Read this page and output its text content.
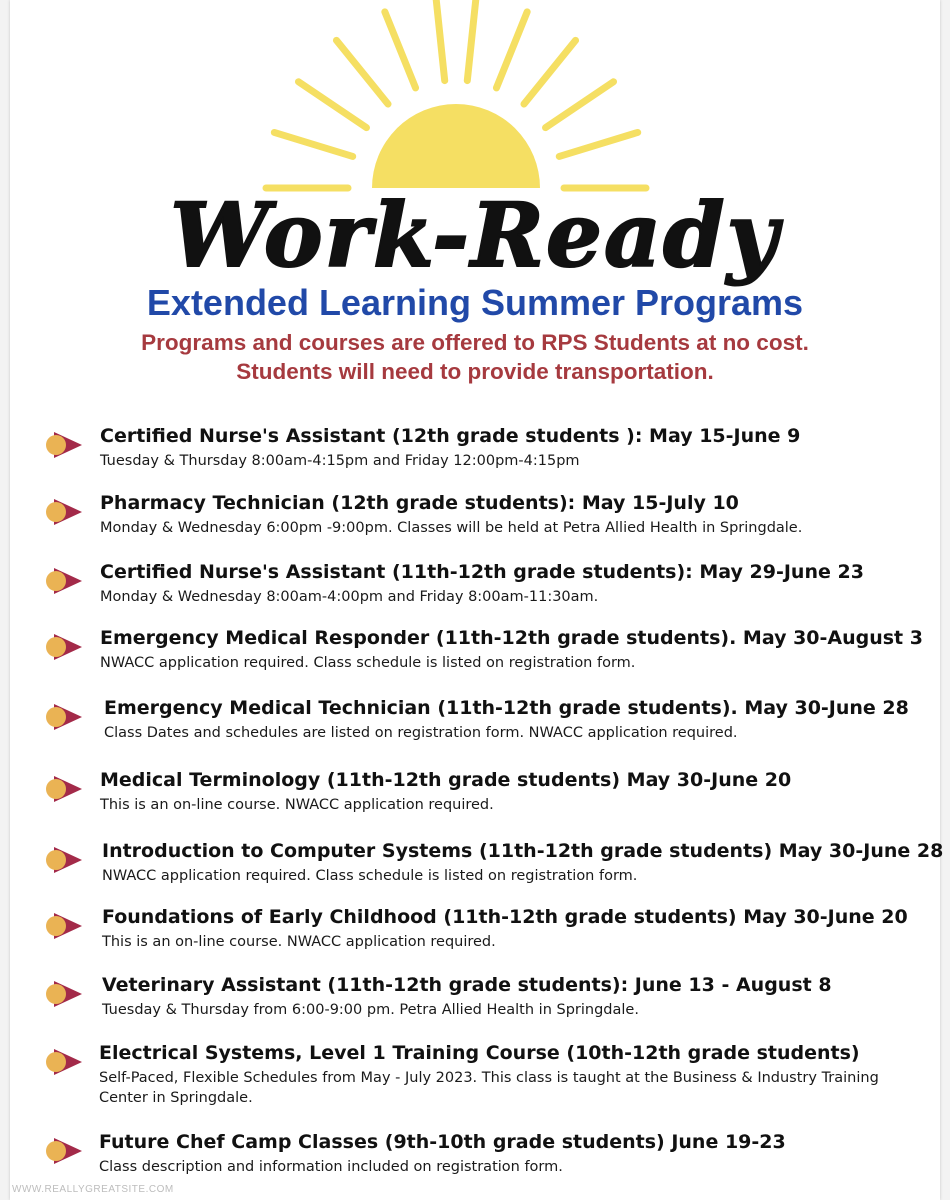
Work-Ready
Extended Learning Summer Programs
Programs and courses are offered to RPS Students at no cost.
Students will need to provide transportation.

Certified Nurse's Assistant (12th grade students ): May 15-June 9

Tuesday & Thursday 8:00am-4:15pm and Friday 12:00pm-4:15pm

Pharmacy Technician (12th grade students): May 15-July 10

Monday & Wednesday 6:00pm -9:00pm. Classes will be held at Petra Allied Health in Springdale.

Certified Nurse's Assistant (11th-12th grade students): May 29-June 23

Monday & Wednesday 8:00am-4:00pm and Friday 8:00am-11:30am.

Emergency Medical Responder (11th-12th grade students). May 30-August 3

NWACC application required. Class schedule is listed on registration form.

Emergency Medical Technician (11th-12th grade students). May 30-June 28

Class Dates and schedules are listed on registration form. NWACC application required.

Medical Terminology (11th-12th grade students) May 30-June 20

This is an on-line course. NWACC application required.

Introduction to Computer Systems (11th-12th grade students) May 30-June 28

NWACC application required. Class schedule is listed on registration form.

Foundations of Early Childhood (11th-12th grade students) May 30-June 20

This is an on-line course. NWACC application required.

Veterinary Assistant (11th-12th grade students): June 13 - August 8

Tuesday & Thursday from 6:00-9:00 pm. Petra Allied Health in Springdale.

Electrical Systems, Level 1 Training Course (10th-12th grade students)

Self-Paced, Flexible Schedules from May - July 2023. This class is taught at the Business & Industry Training Center in Springdale.

Future Chef Camp Classes (9th-10th grade students) June 19-23

Class description and information included on registration form.

WWW.REALLYGREATSITE.COM
